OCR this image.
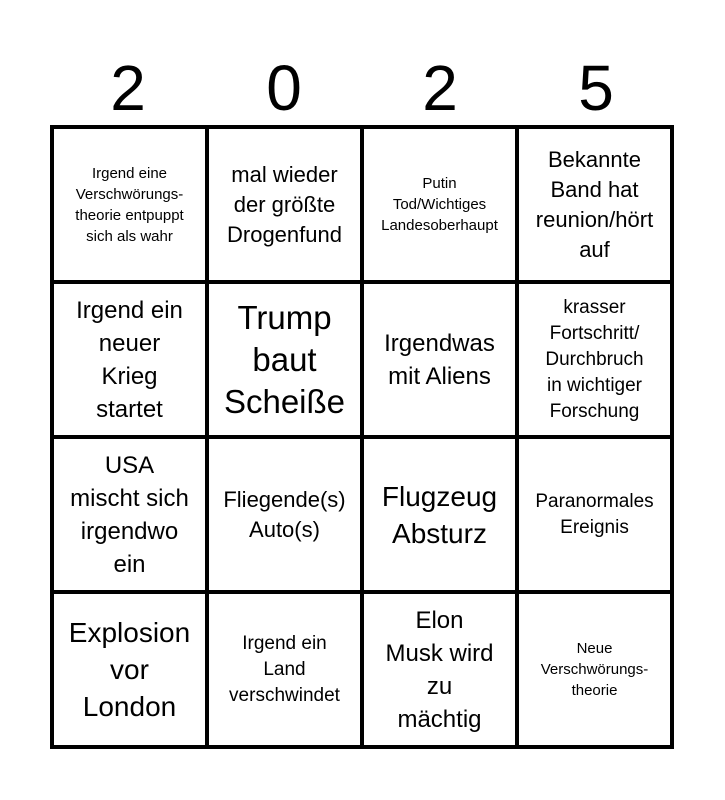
2	0	2	5
Irgend eine
Verschwörungs-
theorie entpuppt
sich als wahr
mal wieder
der größte
Drogenfund
Putin
Tod/Wichtiges
Landesoberhaupt
Bekannte
Band hat
reunion/hört
auf
Irgend ein
neuer
Krieg
startet
Trump
baut
Scheiße
Irgendwas
mit Aliens
krasser
Fortschritt/
Durchbruch
in wichtiger
Forschung
USA
mischt sich
irgendwo
ein
Fliegende(s)
Auto(s)
Flugzeug
Absturz
Paranormales
Ereignis
Explosion
vor
London
Irgend ein
Land
verschwindet
Elon
Musk wird
zu
mächtig
Neue
Verschwörungs-
theorie
